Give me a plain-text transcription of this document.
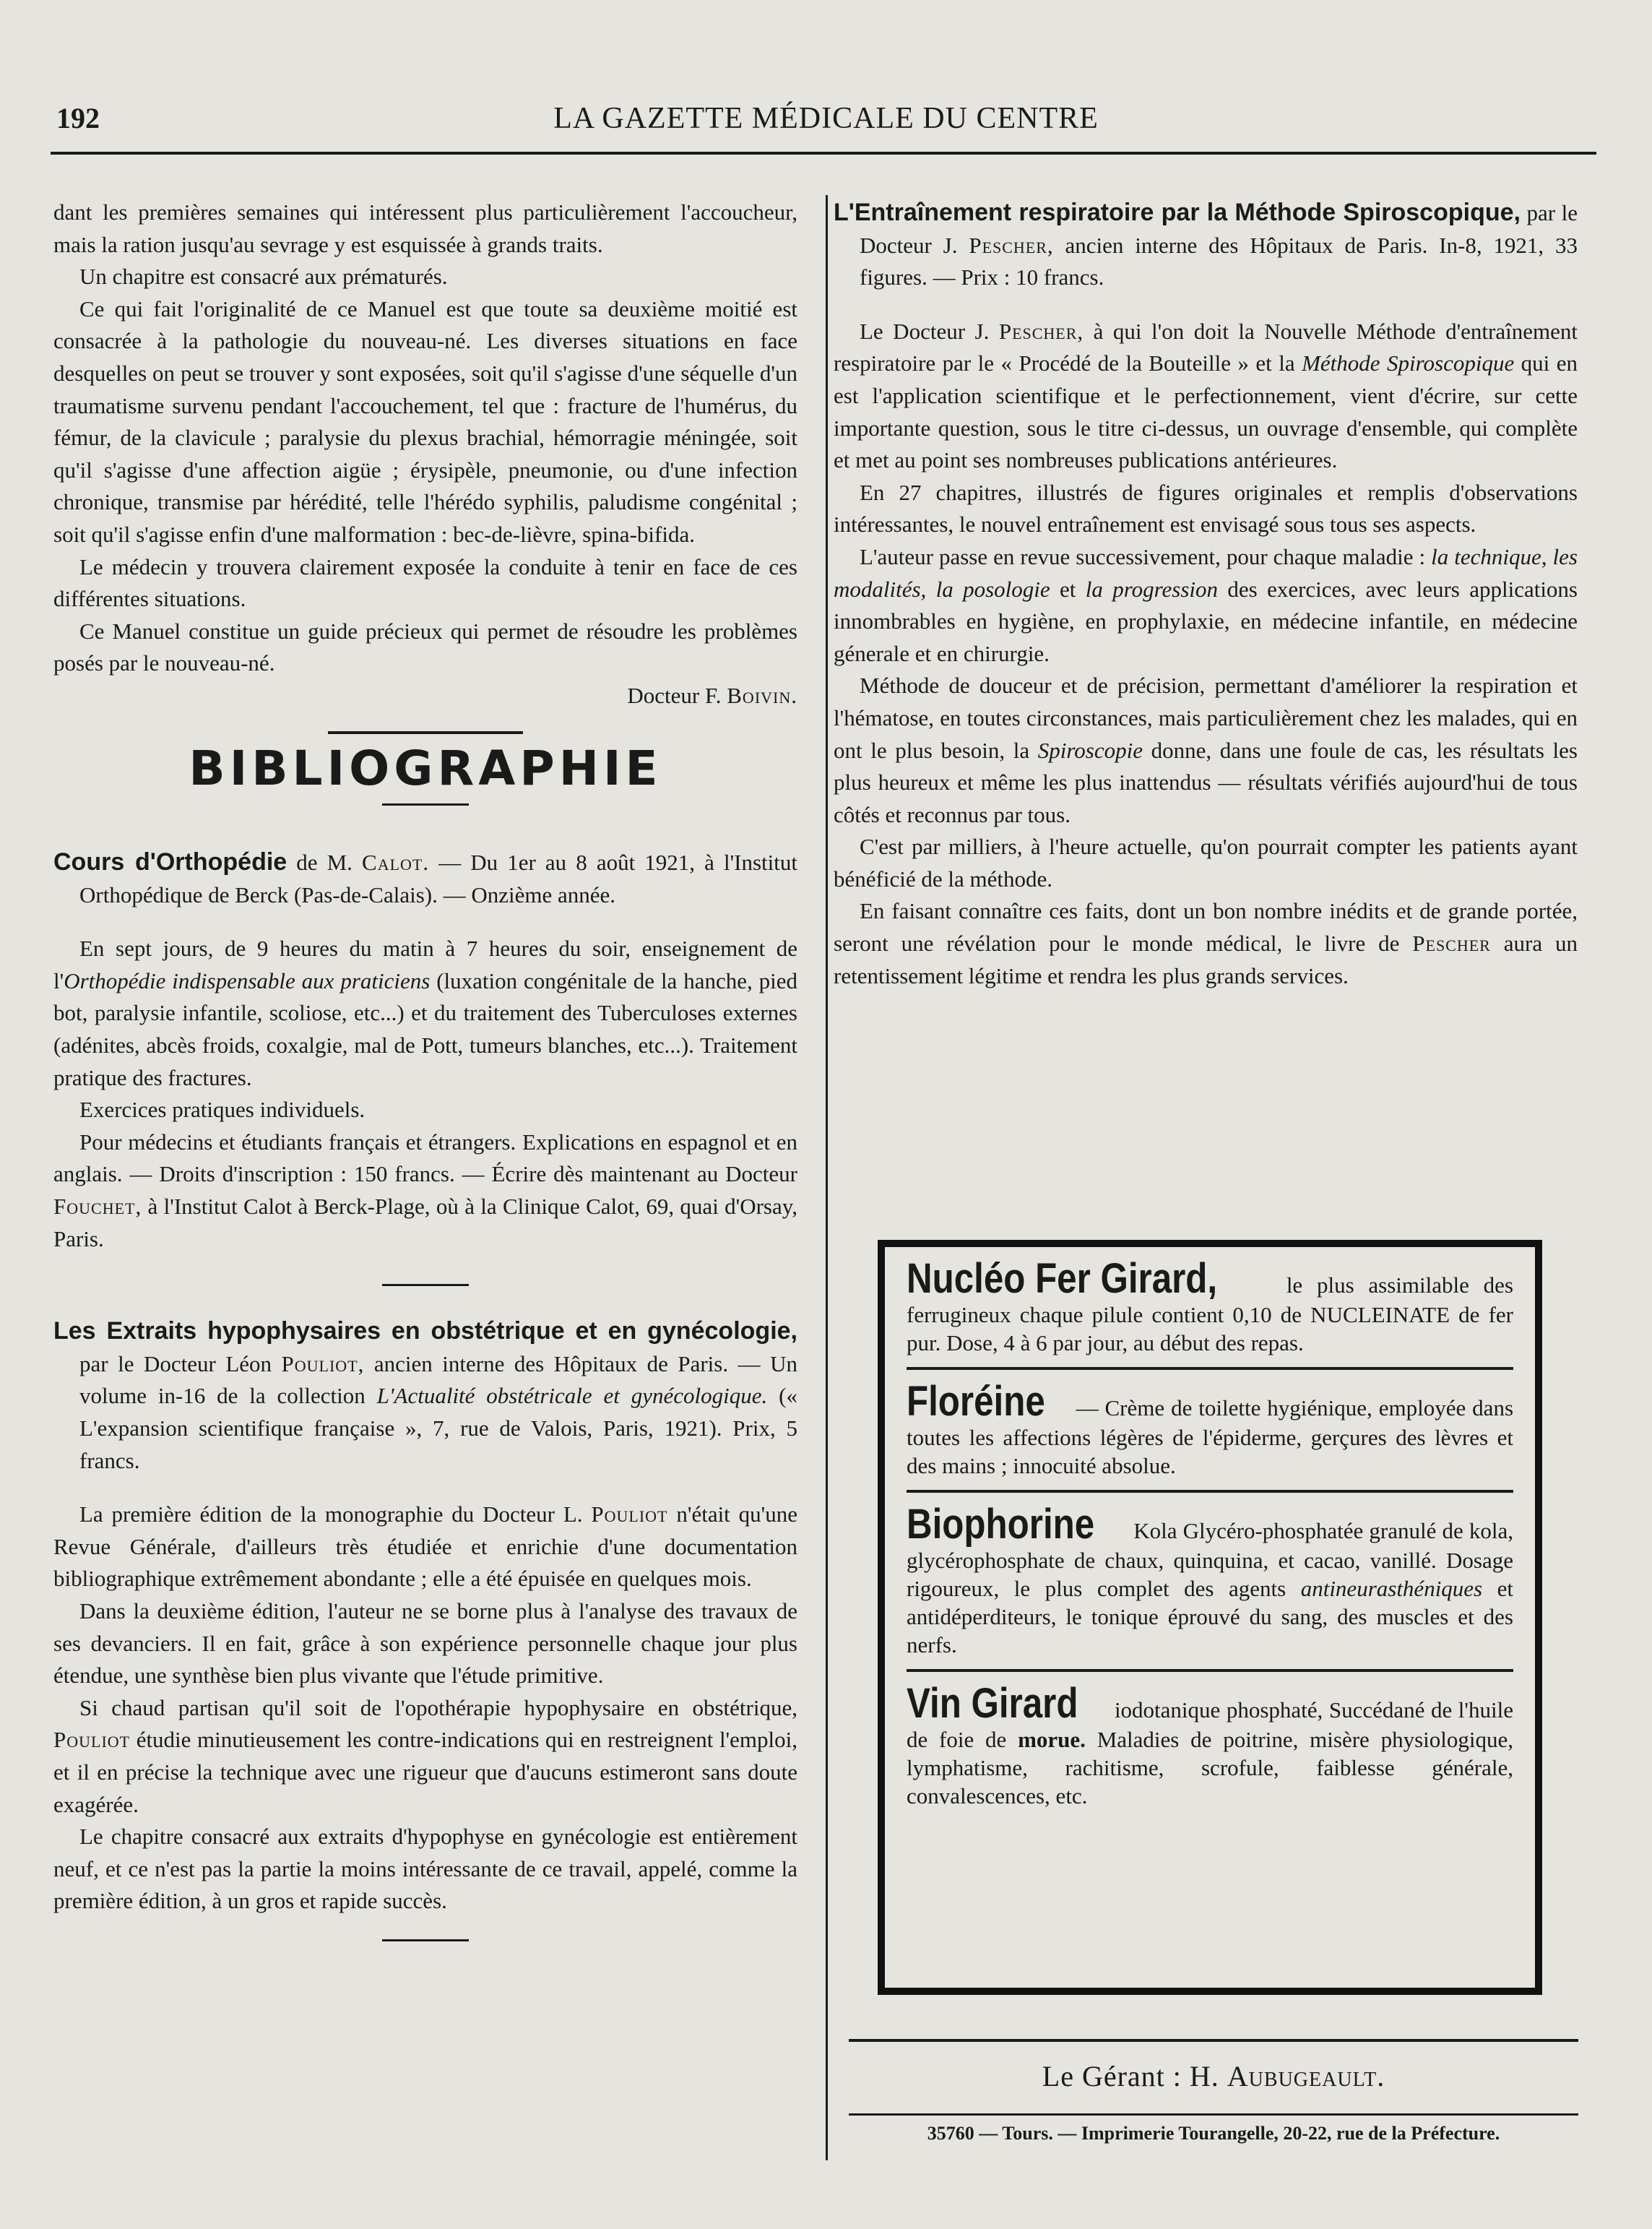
192	LA GAZETTE MÉDICALE DU CENTRE

dant les premières semaines qui intéressent plus particulièrement l'accoucheur, mais la ration jusqu'au sevrage y est esquissée à grands traits.

Un chapitre est consacré aux prématurés.

Ce qui fait l'originalité de ce Manuel est que toute sa deuxième moitié est consacrée à la pathologie du nouveau-né. Les diverses situations en face desquelles on peut se trouver y sont exposées, soit qu'il s'agisse d'une séquelle d'un traumatisme survenu pendant l'accouchement, tel que : fracture de l'humérus, du fémur, de la clavicule ; paralysie du plexus brachial, hémorragie méningée, soit qu'il s'agisse d'une affection aigüe ; érysipèle, pneumonie, ou d'une infection chronique, transmise par hérédité, telle l'hérédo syphilis, paludisme congénital ; soit qu'il s'agisse enfin d'une malformation : bec-de-lièvre, spina-bifida.

Le médecin y trouvera clairement exposée la conduite à tenir en face de ces différentes situations.

Ce Manuel constitue un guide précieux qui permet de résoudre les problèmes posés par le nouveau-né.

Docteur F. Boivin.

BIBLIOGRAPHIE

Cours d'Orthopédie de M. Calot. — Du 1er au 8 août 1921, à l'Institut Orthopédique de Berck (Pas-de-Calais). — Onzième année.

En sept jours, de 9 heures du matin à 7 heures du soir, enseignement de l'Orthopédie indispensable aux praticiens (luxation congénitale de la hanche, pied bot, paralysie infantile, scoliose, etc...) et du traitement des Tuberculoses externes (adénites, abcès froids, coxalgie, mal de Pott, tumeurs blanches, etc...). Traitement pratique des fractures.

Exercices pratiques individuels.

Pour médecins et étudiants français et étrangers. Explications en espagnol et en anglais. — Droits d'inscription : 150 francs. — Écrire dès maintenant au Docteur Fouchet, à l'Institut Calot à Berck-Plage, où à la Clinique Calot, 69, quai d'Orsay, Paris.

Les Extraits hypophysaires en obstétrique et en gynécologie, par le Docteur Léon Pouliot, ancien interne des Hôpitaux de Paris. — Un volume in-16 de la collection L'Actualité obstétricale et gynécologique. (« L'expansion scientifique française », 7, rue de Valois, Paris, 1921). Prix, 5 francs.

La première édition de la monographie du Docteur L. Pouliot n'était qu'une Revue Générale, d'ailleurs très étudiée et enrichie d'une documentation bibliographique extrêmement abondante ; elle a été épuisée en quelques mois.

Dans la deuxième édition, l'auteur ne se borne plus à l'analyse des travaux de ses devanciers. Il en fait, grâce à son expérience personnelle chaque jour plus étendue, une synthèse bien plus vivante que l'étude primitive.

Si chaud partisan qu'il soit de l'opothérapie hypophysaire en obstétrique, Pouliot étudie minutieusement les contre-indications qui en restreignent l'emploi, et il en précise la technique avec une rigueur que d'aucuns estimeront sans doute exagérée.

Le chapitre consacré aux extraits d'hypophyse en gynécologie est entièrement neuf, et ce n'est pas la partie la moins intéressante de ce travail, appelé, comme la première édition, à un gros et rapide succès.

L'Entraînement respiratoire par la Méthode Spiroscopique, par le Docteur J. Pescher, ancien interne des Hôpitaux de Paris. In-8, 1921, 33 figures. — Prix : 10 francs.

Le Docteur J. Pescher, à qui l'on doit la Nouvelle Méthode d'entraînement respiratoire par le « Procédé de la Bouteille » et la Méthode Spiroscopique qui en est l'application scientifique et le perfectionnement, vient d'écrire, sur cette importante question, sous le titre ci-dessus, un ouvrage d'ensemble, qui complète et met au point ses nombreuses publications antérieures.

En 27 chapitres, illustrés de figures originales et remplis d'observations intéressantes, le nouvel entraînement est envisagé sous tous ses aspects.

L'auteur passe en revue successivement, pour chaque maladie : la technique, les modalités, la posologie et la progression des exercices, avec leurs applications innombrables en hygiène, en prophylaxie, en médecine infantile, en médecine génerale et en chirurgie.

Méthode de douceur et de précision, permettant d'améliorer la respiration et l'hématose, en toutes circonstances, mais particulièrement chez les malades, qui en ont le plus besoin, la Spiroscopie donne, dans une foule de cas, les résultats les plus heureux et même les plus inattendus — résultats vérifiés aujourd'hui de tous côtés et reconnus par tous.

C'est par milliers, à l'heure actuelle, qu'on pourrait compter les patients ayant bénéficié de la méthode.

En faisant connaître ces faits, dont un bon nombre inédits et de grande portée, seront une révélation pour le monde médical, le livre de Pescher aura un retentissement légitime et rendra les plus grands services.

Nucléo Fer Girard,	le plus assimilable des ferrugineux chaque pilule contient 0,10 de NUCLEINATE de fer pur. Dose, 4 à 6 par jour, au début des repas.

Floréine — Crème de toilette hygiénique, employée dans toutes les affections légères de l'épiderme, gerçures des lèvres et des mains ; innocuité absolue.

Biophorine Kola Glycéro-phosphatée granulé de kola, glycérophosphate de chaux, quinquina, et cacao, vanillé. Dosage rigoureux, le plus complet des agents antineurasthéniques et antidéperditeurs, le tonique éprouvé du sang, des muscles et des nerfs.

Vin Girard iodotanique phosphaté, Succédané de l'huile de foie de morue. Maladies de poitrine, misère physiologique, lymphatisme, rachitisme, scrofule, faiblesse générale, convalescences, etc.

Le Gérant : H. Aubugeault.
35760 — Tours. — Imprimerie Tourangelle, 20-22, rue de la Préfecture.
